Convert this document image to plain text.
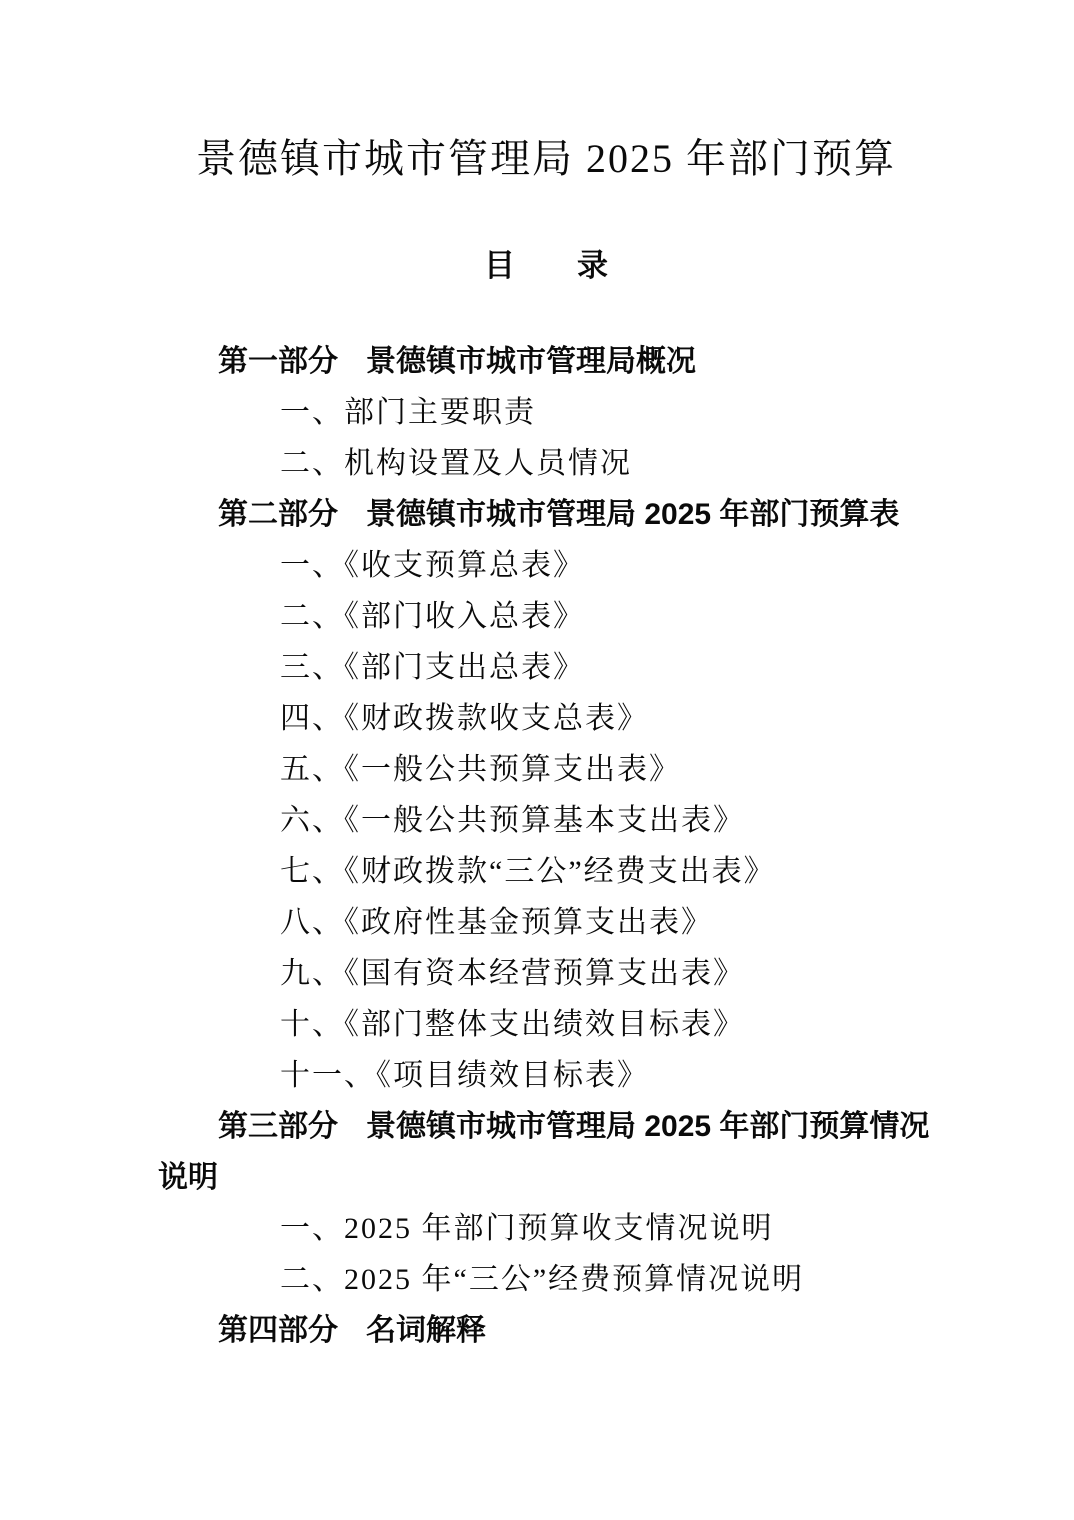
景德镇市城市管理局 2025 年部门预算
目　　录

第一部分 景德镇市城市管理局概况

一、部门主要职责

二、机构设置及人员情况

第二部分 景德镇市城市管理局 2025 年部门预算表

一、《收支预算总表》

二、《部门收入总表》

三、《部门支出总表》

四、《财政拨款收支总表》

五、《一般公共预算支出表》

六、《一般公共预算基本支出表》

七、《财政拨款“三公”经费支出表》

八、《政府性基金预算支出表》

九、《国有资本经营预算支出表》

十、《部门整体支出绩效目标表》

十一、《项目绩效目标表》

第三部分 景德镇市城市管理局 2025 年部门预算情况说明

一、2025 年部门预算收支情况说明

二、2025 年“三公”经费预算情况说明

第四部分 名词解释
